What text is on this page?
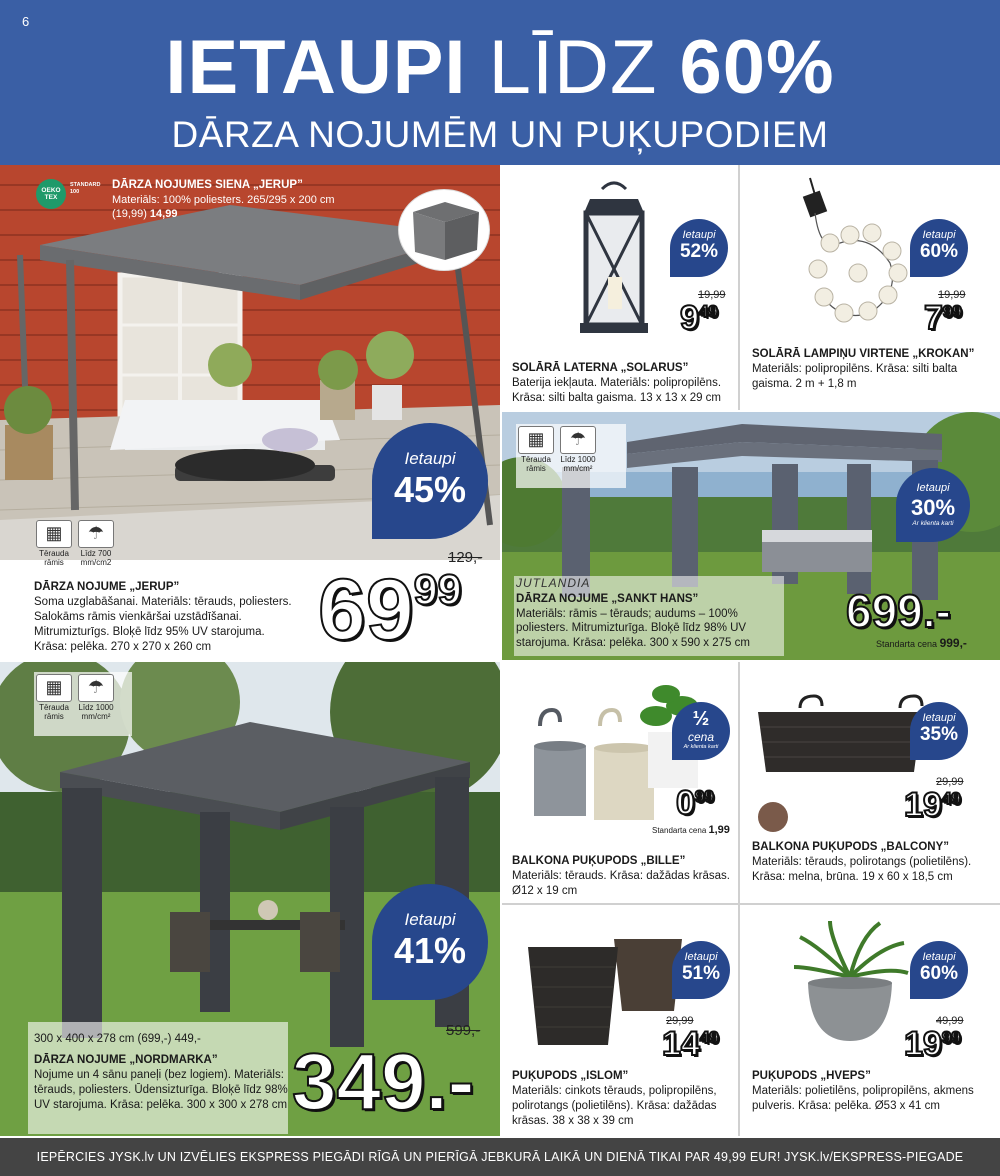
6
IETAUPI LĪDZ 60%
DĀRZA NOJUMĒM UN PUĶUPODIEM
OEKO
TEX
STANDARD 100
DĀRZA NOJUMES SIENA „JERUP”
Materiāls: 100% poliesters. 265/295 x 200 cm
(19,99) 14,99
▦
Tērauda rāmis
☂
Līdz 700 mm/cm2
DĀRZA NOJUME „JERUP”
Soma uzglabāšanai. Materiāls: tērauds, poliesters. Salokāms rāmis vienkāršai uzstādīšanai. Mitrumizturīgs. Bloķē līdz 95% UV starojuma. Krāsa: pelēka. 270 x 270 x 260 cm
Ietaupi
45%
129,-
$69^{99}$
Ietaupi
52%
19,99
$9^{49}$
SOLĀRĀ LATERNA „SOLARUS”
Baterija iekļauta. Materiāls: polipropilēns. Krāsa: silti balta gaisma. 13 x 13 x 29 cm
Ietaupi
60%
19,99
$7^{99}$
SOLĀRĀ LAMPIŅU VIRTENE „KROKAN”
Materiāls: polipropilēns. Krāsa: silti balta gaisma. 2 m + 1,8 m
▦
Tērauda rāmis
☂
Līdz 1000 mm/cm²
Ietaupi
30%
Ar klienta karti
JUTLANDIA
DĀRZA NOJUME „SANKT HANS”
Materiāls: rāmis – tērauds; audums – 100% poliesters. Mitrumizturīga. Bloķē līdz 98% UV starojuma. Krāsa: pelēka. 300 x 590 x 275 cm
699.-
Standarta cena 999,-
▦
Tērauda rāmis
☂
Līdz 1000 mm/cm²
Ietaupi
41%
599,-
300 x 400 x 278 cm (699,-) 449,-
DĀRZA NOJUME „NORDMARKA”
Nojume un 4 sānu paneļi (bez logiem). Materiāls: tērauds, poliesters. Ūdensizturīga. Bloķē līdz 98% UV starojuma. Krāsa: pelēka. 300 x 300 x 278 cm 349.-
½
cena
Ar klienta karti
$0^{99}$
Standarta cena 1,99
BALKONA PUĶUPODS „BILLE”
Materiāls: tērauds. Krāsa: dažādas krāsas. Ø12 x 19 cm
Ietaupi
35%
29,99
$19^{49}$
BALKONA PUĶUPODS „BALCONY”
Materiāls: tērauds, polirotangs (polietilēns). Krāsa: melna, brūna. 19 x 60 x 18,5 cm
Ietaupi
51%
29,99
$14^{49}$
PUĶUPODS „ISLOM”
Materiāls: cinkots tērauds, polipropilēns, polirotangs (polietilēns). Krāsa: dažādas krāsas. 38 x 38 x 39 cm
Ietaupi
60%
49,99
$19^{99}$
PUĶUPODS „HVEPS”
Materiāls: polietilēns, polipropilēns, akmens pulveris. Krāsa: pelēka. Ø53 x 41 cm
IEPĒRCIES JYSK.lv UN IZVĒLIES EKSPRESS PIEGĀDI RĪGĀ UN PIERĪGĀ JEBKURĀ LAIKĀ UN DIENĀ TIKAI PAR 49,99 EUR! JYSK.lv/EKSPRESS-PIEGADE
